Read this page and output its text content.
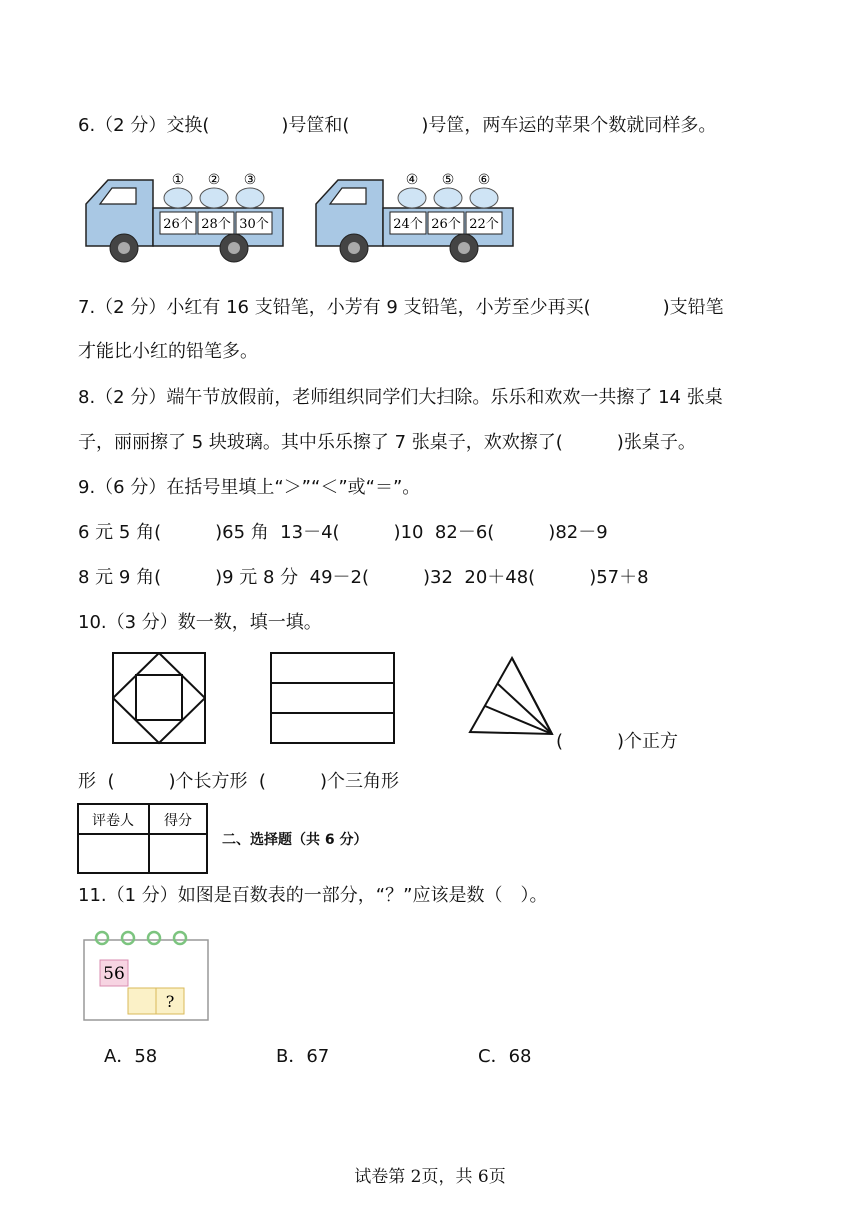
6.（2 分）交换(　　　　)号筐和(　　　　)号筐，两车运的苹果个数就同样多。
① ② ③
26个 28个 30个
④ ⑤ ⑥
24个 26个 22个
7.（2 分）小红有 16 支铅笔，小芳有 9 支铅笔，小芳至少再买(　　　　)支铅笔
才能比小红的铅笔多。
8.（2 分）端午节放假前，老师组织同学们大扫除。乐乐和欢欢一共擦了 14 张桌
子，丽丽擦了 5 块玻璃。其中乐乐擦了 7 张桌子，欢欢擦了(　　　)张桌子。
9.（6 分）在括号里填上“＞”“＜”或“＝”。
6 元 5 角(　　　)65 角  13－4(　　　)10  82－6(　　　)82－9
8 元 9 角(　　　)9 元 8 分  49－2(　　　)32  20＋48(　　　)57＋8
10.（3 分）数一数，填一填。
(　　　)个正方
形  (　　　)个长方形  (　　　)个三角形
评卷人 得分
二、选择题（共 6 分）
11.（1 分）如图是百数表的一部分，“？”应该是数（　）。
56
?
A．58	B．67	C．68
试卷第 2页，共 6页
